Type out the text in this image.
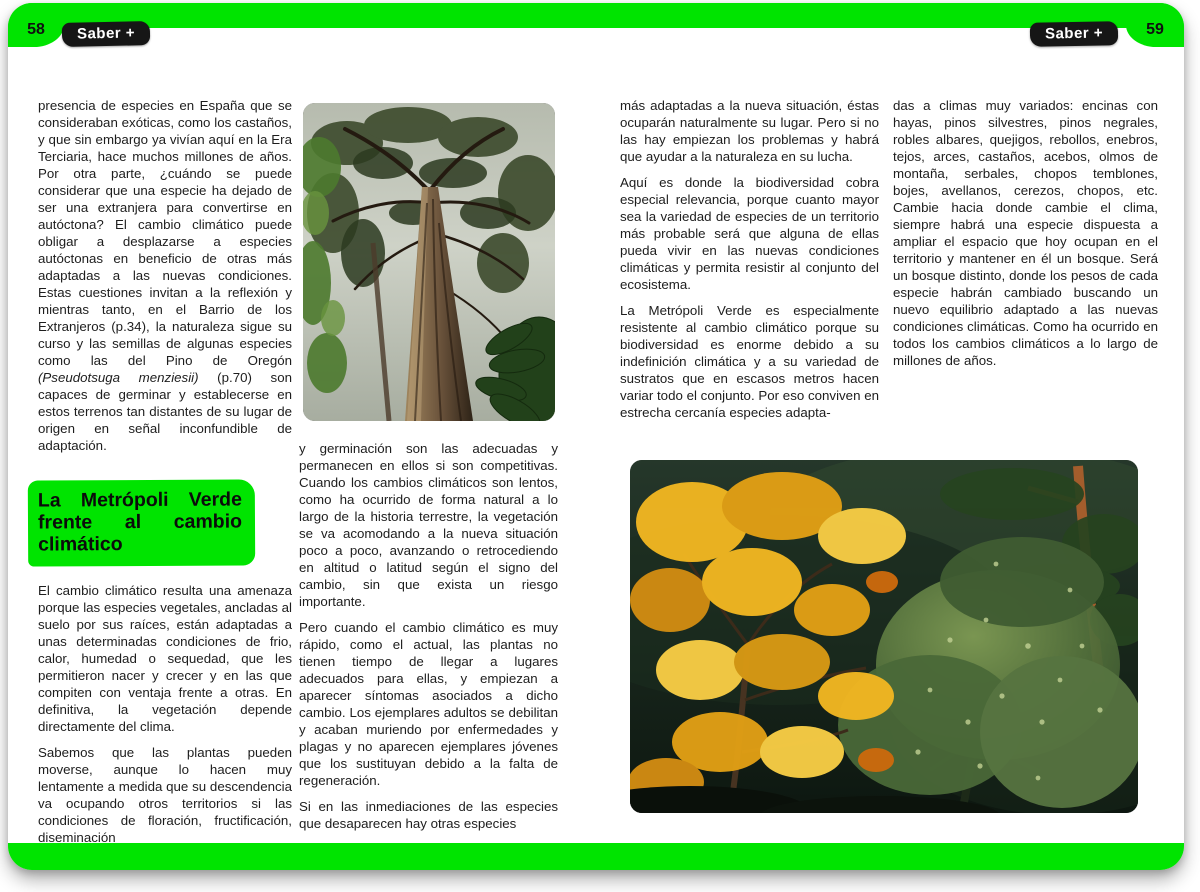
58	59
Saber +	Saber +

presencia de especies en España que se consideraban exóticas, como los castaños, y que sin embargo ya vivían aquí en la Era Terciaria, hace muchos millones de años. Por otra parte, ¿cuándo se puede considerar que una especie ha dejado de ser una extranjera para convertirse en autóctona? El cambio climático puede obligar a desplazarse a especies autóctonas en beneficio de otras más adaptadas a las nuevas condiciones. Estas cuestiones invitan a la reflexión y mientras tanto, en el Barrio de los Extranjeros (p.34), la naturaleza sigue su curso y las semillas de algunas especies como las del Pino de Oregón (Pseudotsuga menziesii) (p.70) son capaces de germinar y establecerse en estos terrenos tan distantes de su lugar de origen en señal inconfundible de adaptación.

La Metrópoli Verde frente al cambio climático

El cambio climático resulta una amenaza porque las especies vegetales, ancladas al suelo por sus raíces, están adaptadas a unas determinadas condiciones de frio, calor, humedad o sequedad, que les permitieron nacer y crecer y en las que compiten con ventaja frente a otras. En definitiva, la vegetación depende directamente del clima.

Sabemos que las plantas pueden moverse, aunque lo hacen muy lentamente a medida que su descendencia va ocupando otros territorios si las condiciones de floración, fructificación, diseminación

y germinación son las adecuadas y permanecen en ellos si son competitivas. Cuando los cambios climáticos son lentos, como ha ocurrido de forma natural a lo largo de la historia terrestre, la vegetación se va acomodando a la nueva situación poco a poco, avanzando o retrocediendo en altitud o latitud según el signo del cambio, sin que exista un riesgo importante.

Pero cuando el cambio climático es muy rápido, como el actual, las plantas no tienen tiempo de llegar a lugares adecuados para ellas, y empiezan a aparecer síntomas asociados a dicho cambio. Los ejemplares adultos se debilitan y acaban muriendo por enfermedades y plagas y no aparecen ejemplares jóvenes que los sustituyan debido a la falta de regeneración.

Si en las inmediaciones de las especies que desaparecen hay otras especies

más adaptadas a la nueva situación, éstas ocuparán naturalmente su lugar. Pero si no las hay empiezan los problemas y habrá que ayudar a la naturaleza en su lucha.

Aquí es donde la biodiversidad cobra especial relevancia, porque cuanto mayor sea la variedad de especies de un territorio más probable será que alguna de ellas pueda vivir en las nuevas condiciones climáticas y permita resistir al conjunto del ecosistema.

La Metrópoli Verde es especialmente resistente al cambio climático porque su biodiversidad es enorme debido a su indefinición climática y a su variedad de sustratos que en escasos metros hacen variar todo el conjunto. Por eso conviven en estrecha cercanía especies adapta-

das a climas muy variados: encinas con hayas, pinos silvestres, pinos negrales, robles albares, quejigos, rebollos, enebros, tejos, arces, castaños, acebos, olmos de montaña, serbales, chopos temblones, bojes, avellanos, cerezos, chopos, etc. Cambie hacia donde cambie el clima, siempre habrá una especie dispuesta a ampliar el espacio que hoy ocupan en el territorio y mantener en él un bosque. Será un bosque distinto, donde los pesos de cada especie habrán cambiado buscando un nuevo equilibrio adaptado a las nuevas condiciones climáticas. Como ha ocurrido en todos los cambios climáticos a lo largo de millones de años.
